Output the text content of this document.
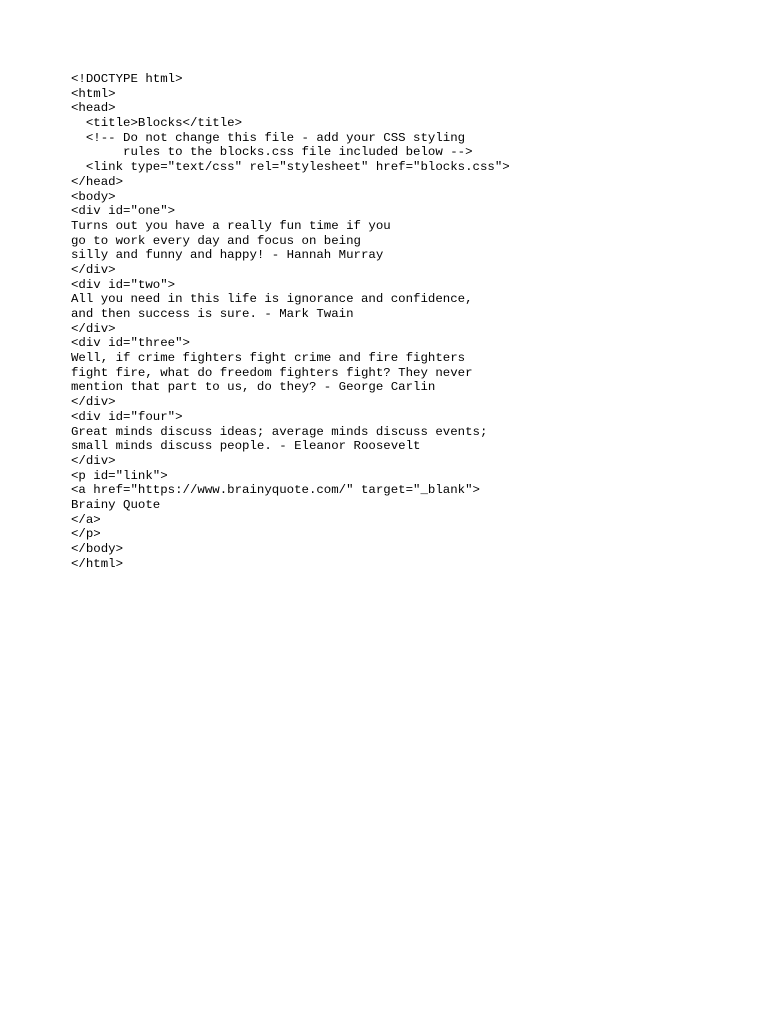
<!DOCTYPE html>
<html>
<head>
<title>Blocks</title>
<!-- Do not change this file - add your CSS styling
rules to the blocks.css file included below -->
<link type="text/css" rel="stylesheet" href="blocks.css">
</head>
<body>
<div id="one">
Turns out you have a really fun time if you
go to work every day and focus on being
silly and funny and happy! - Hannah Murray
</div>
<div id="two">
All you need in this life is ignorance and confidence,
and then success is sure. - Mark Twain
</div>
<div id="three">
Well, if crime fighters fight crime and fire fighters
fight fire, what do freedom fighters fight? They never
mention that part to us, do they? - George Carlin
</div>
<div id="four">
Great minds discuss ideas; average minds discuss events;
small minds discuss people. - Eleanor Roosevelt
</div>
<p id="link">
<a href="https://www.brainyquote.com/" target="_blank">
Brainy Quote
</a>
</p>
</body>
</html>
